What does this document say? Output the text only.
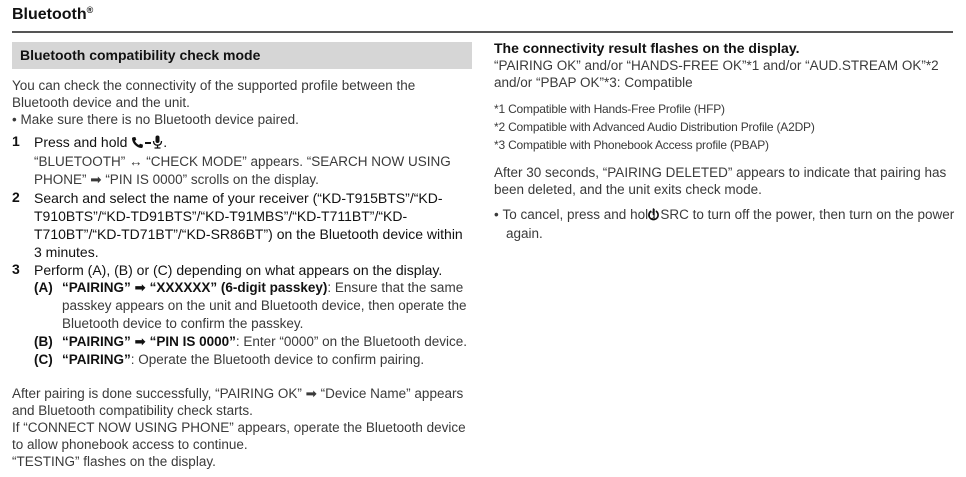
Bluetooth®
Bluetooth compatibility check mode

You can check the connectivity of the supported profile between the Bluetooth device and the unit.

• Make sure there is no Bluetooth device paired.

1 Press and hold .

“BLUETOOTH” ↔ “CHECK MODE” appears. “SEARCH NOW USING PHONE” ➡ “PIN IS 0000” scrolls on the display.

2 Search and select the name of your receiver (“KD-T915BTS”/“KD-T910BTS”/“KD-TD91BTS”/“KD-T91MBS”/“KD-T711BT”/“KD-T710BT”/“KD-TD71BT”/“KD-SR86BT”) on the Bluetooth device within 3 minutes.

3 Perform (A), (B) or (C) depending on what appears on the display.

(A) “PAIRING” ➡ “XXXXXX” (6-digit passkey): Ensure that the same passkey appears on the unit and Bluetooth device, then operate the Bluetooth device to confirm the passkey.
(B) “PAIRING” ➡ “PIN IS 0000”: Enter “0000” on the Bluetooth device.
(C) “PAIRING”: Operate the Bluetooth device to confirm pairing.

After pairing is done successfully, “PAIRING OK” ➡ “Device Name” appears and Bluetooth compatibility check starts.

If “CONNECT NOW USING PHONE” appears, operate the Bluetooth device to allow phonebook access to continue.

“TESTING” flashes on the display.

The connectivity result flashes on the display.

“PAIRING OK” and/or “HANDS-FREE OK”*1 and/or “AUD.STREAM OK”*2 and/or “PBAP OK”*3: Compatible

*1 Compatible with Hands-Free Profile (HFP)

*2 Compatible with Advanced Audio Distribution Profile (A2DP)

*3 Compatible with Phonebook Access profile (PBAP)

After 30 seconds, “PAIRING DELETED” appears to indicate that pairing has been deleted, and the unit exits check mode.

• To cancel, press and hold SRC to turn off the power, then turn on the power again.
